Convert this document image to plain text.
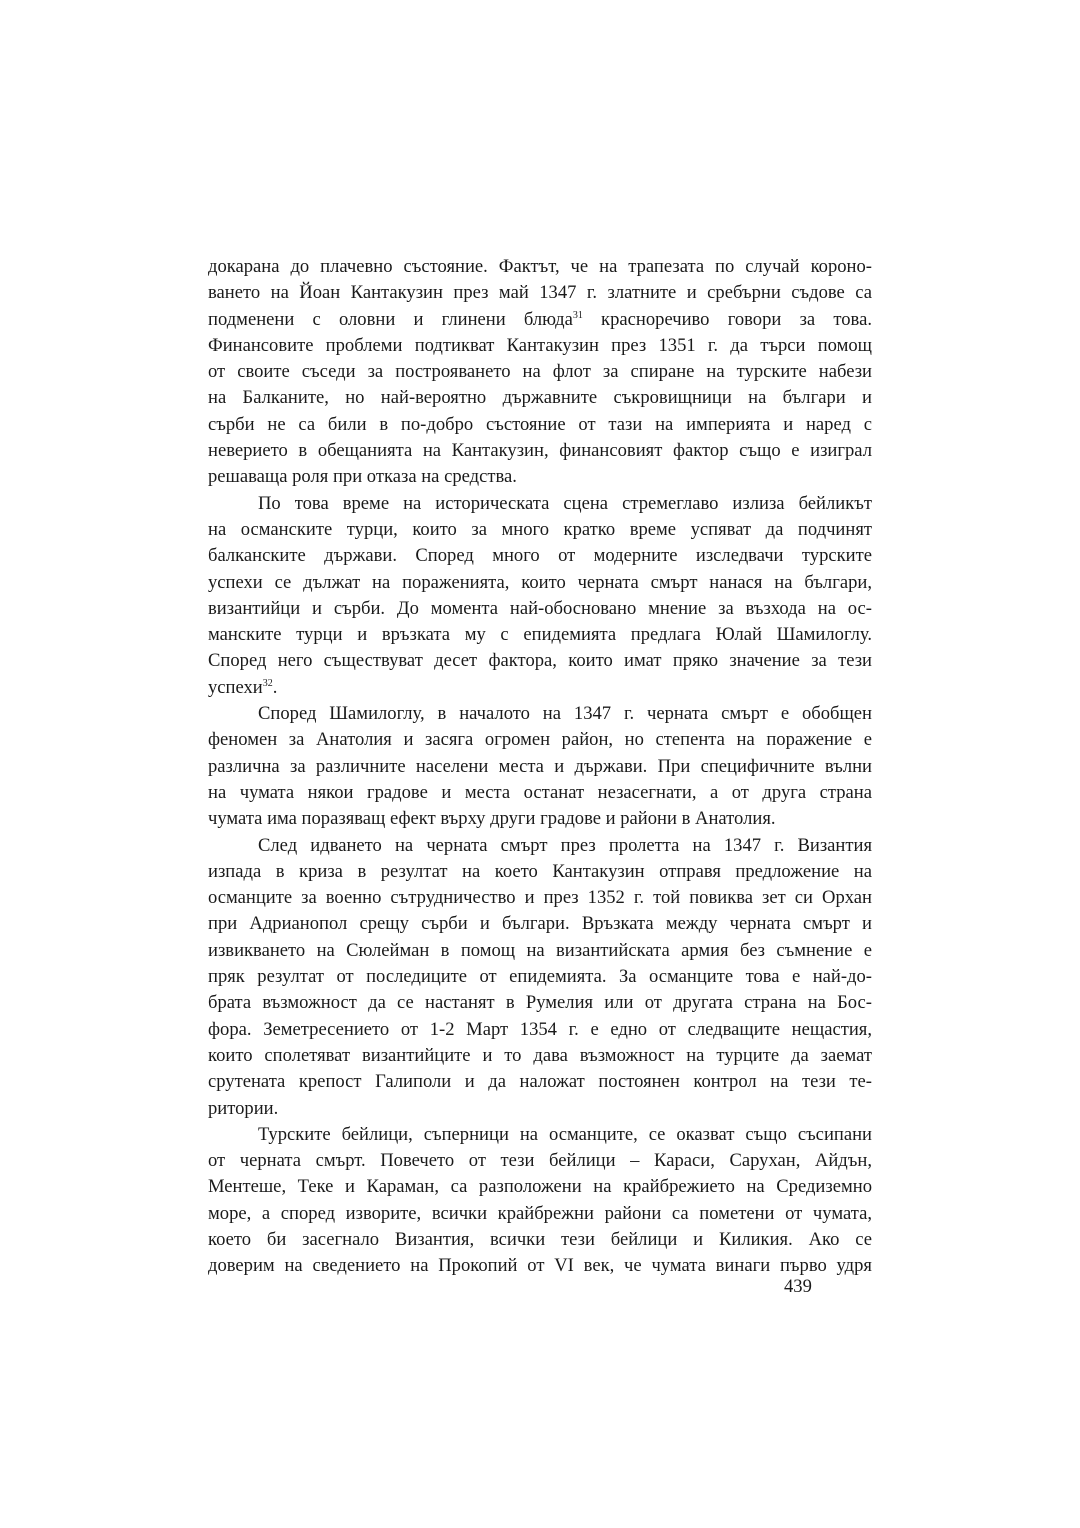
докарана до плачевно състояние. Фактът, че на трапезата по случай короно-
ването на Йоан Кантакузин през май 1347 г. златните и сребърни съдове са
подменени с оловни и глинени блюда$^{31}$ красноречиво говори за това.
Финансовите проблеми подтикват Кантакузин през 1351 г. да търси помощ
от своите съседи за построяването на флот за спиране на турските набези
на Балканите, но най-вероятно държавните съкровищници на българи и
сърби не са били в по-добро състояние от тази на империята и наред с
неверието в обещанията на Кантакузин, финансовият фактор също е изиграл
решаваща роля при отказа на средства.
По това време на историческата сцена стремеглаво излиза бейликът
на османските турци, които за много кратко време успяват да подчинят
балканските държави. Според много от модерните изследвачи турските
успехи се дължат на пораженията, които черната смърт нанася на българи,
византийци и сърби. До момента най-обосновано мнение за възхода на ос-
манските турци и връзката му с епидемията предлага Юлай Шамилоглу.
Според него съществуват десет фактора, които имат пряко значение за тези
успехи$^{32}$.
Според Шамилоглу, в началото на 1347 г. черната смърт е обобщен
феномен за Анатолия и засяга огромен район, но степента на поражение е
различна за различните населени места и държави. При специфичните вълни
на чумата някои градове и места останат незасегнати, а от друга страна
чумата има поразяващ ефект върху други градове и райони в Анатолия.
След идването на черната смърт през пролетта на 1347 г. Византия
изпада в криза в резултат на което Кантакузин отправя предложение на
османците за военно сътрудничество и през 1352 г. той повиква зет си Орхан
при Адрианопол срещу сърби и българи. Връзката между черната смърт и
извикването на Сюлейман в помощ на византийската армия без съмнение е
пряк резултат от последиците от епидемията. За османците това е най-до-
брата възможност да се настанят в Румелия или от другата страна на Бос-
фора. Земетресението от 1-2 Март 1354 г. е едно от следващите нещастия,
които сполетяват византийците и то дава възможност на турците да заемат
срутената крепост Галиполи и да наложат постоянен контрол на тези те-
ритории.
Турските бейлици, съперници на османците, се оказват също съсипани
от черната смърт. Повечето от тези бейлици – Караси, Сарухан, Айдън,
Ментеше, Теке и Караман, са разположени на крайбрежието на Средиземно
море, а според изворите, всички крайбрежни райони са пометени от чумата,
което би засегнало Византия, всички тези бейлици и Киликия. Ако се
доверим на сведението на Прокопий от VI век, че чумата винаги първо удря
439
